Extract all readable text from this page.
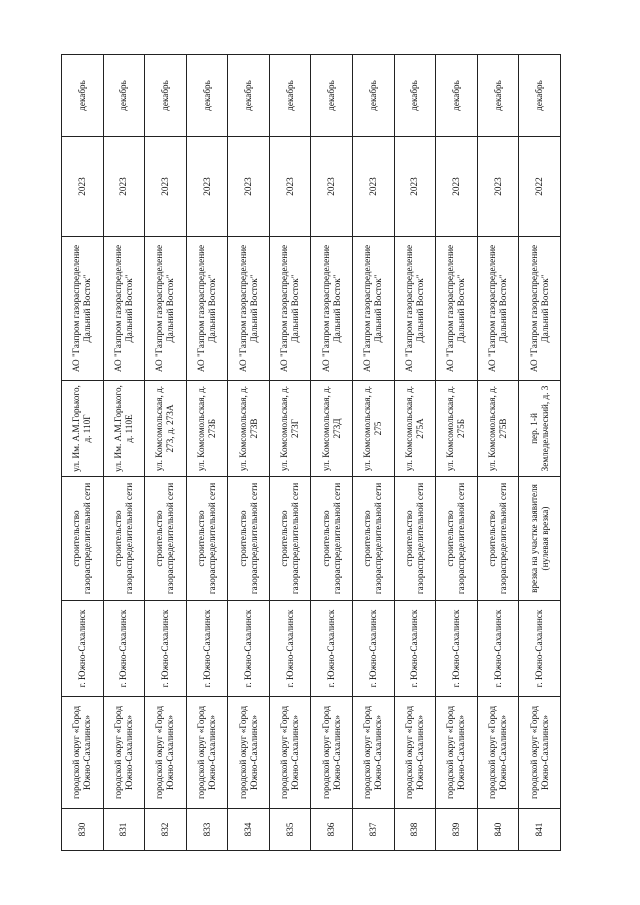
830	городской округ «Город Южно-Сахалинск»	г. Южно-Сахалинск	строительство газораспределительной сети	ул. Им. А.М.Горького, д. 110Г	АО "Газпром газораспределение Дальний Восток"	2023	декабрь
831	городской округ «Город Южно-Сахалинск»	г. Южно-Сахалинск	строительство газораспределительной сети	ул. Им. А.М.Горького, д. 110Е	АО "Газпром газораспределение Дальний Восток"	2023	декабрь
832	городской округ «Город Южно-Сахалинск»	г. Южно-Сахалинск	строительство газораспределительной сети	ул. Комсомольская, д. 273, д. 273А	АО "Газпром газораспределение Дальний Восток"	2023	декабрь
833	городской округ «Город Южно-Сахалинск»	г. Южно-Сахалинск	строительство газораспределительной сети	ул. Комсомольская, д. 273Б	АО "Газпром газораспределение Дальний Восток"	2023	декабрь
834	городской округ «Город Южно-Сахалинск»	г. Южно-Сахалинск	строительство газораспределительной сети	ул. Комсомольская, д. 273В	АО "Газпром газораспределение Дальний Восток"	2023	декабрь
835	городской округ «Город Южно-Сахалинск»	г. Южно-Сахалинск	строительство газораспределительной сети	ул. Комсомольская, д. 273Г	АО "Газпром газораспределение Дальний Восток"	2023	декабрь
836	городской округ «Город Южно-Сахалинск»	г. Южно-Сахалинск	строительство газораспределительной сети	ул. Комсомольская, д. 273Д	АО "Газпром газораспределение Дальний Восток"	2023	декабрь
837	городской округ «Город Южно-Сахалинск»	г. Южно-Сахалинск	строительство газораспределительной сети	ул. Комсомольская, д. 275	АО "Газпром газораспределение Дальний Восток"	2023	декабрь
838	городской округ «Город Южно-Сахалинск»	г. Южно-Сахалинск	строительство газораспределительной сети	ул. Комсомольская, д. 275А	АО "Газпром газораспределение Дальний Восток"	2023	декабрь
839	городской округ «Город Южно-Сахалинск»	г. Южно-Сахалинск	строительство газораспределительной сети	ул. Комсомольская, д. 275Б	АО "Газпром газораспределение Дальний Восток"	2023	декабрь
840	городской округ «Город Южно-Сахалинск»	г. Южно-Сахалинск	строительство газораспределительной сети	ул. Комсомольская, д. 275В	АО "Газпром газораспределение Дальний Восток"	2023	декабрь
841	городской округ «Город Южно-Сахалинск»	г. Южно-Сахалинск	врезка на участке заявителя (нулевая врезка)	пер. 1-й Земледельческий, д. 3	АО "Газпром газораспределение Дальний Восток"	2022	декабрь
